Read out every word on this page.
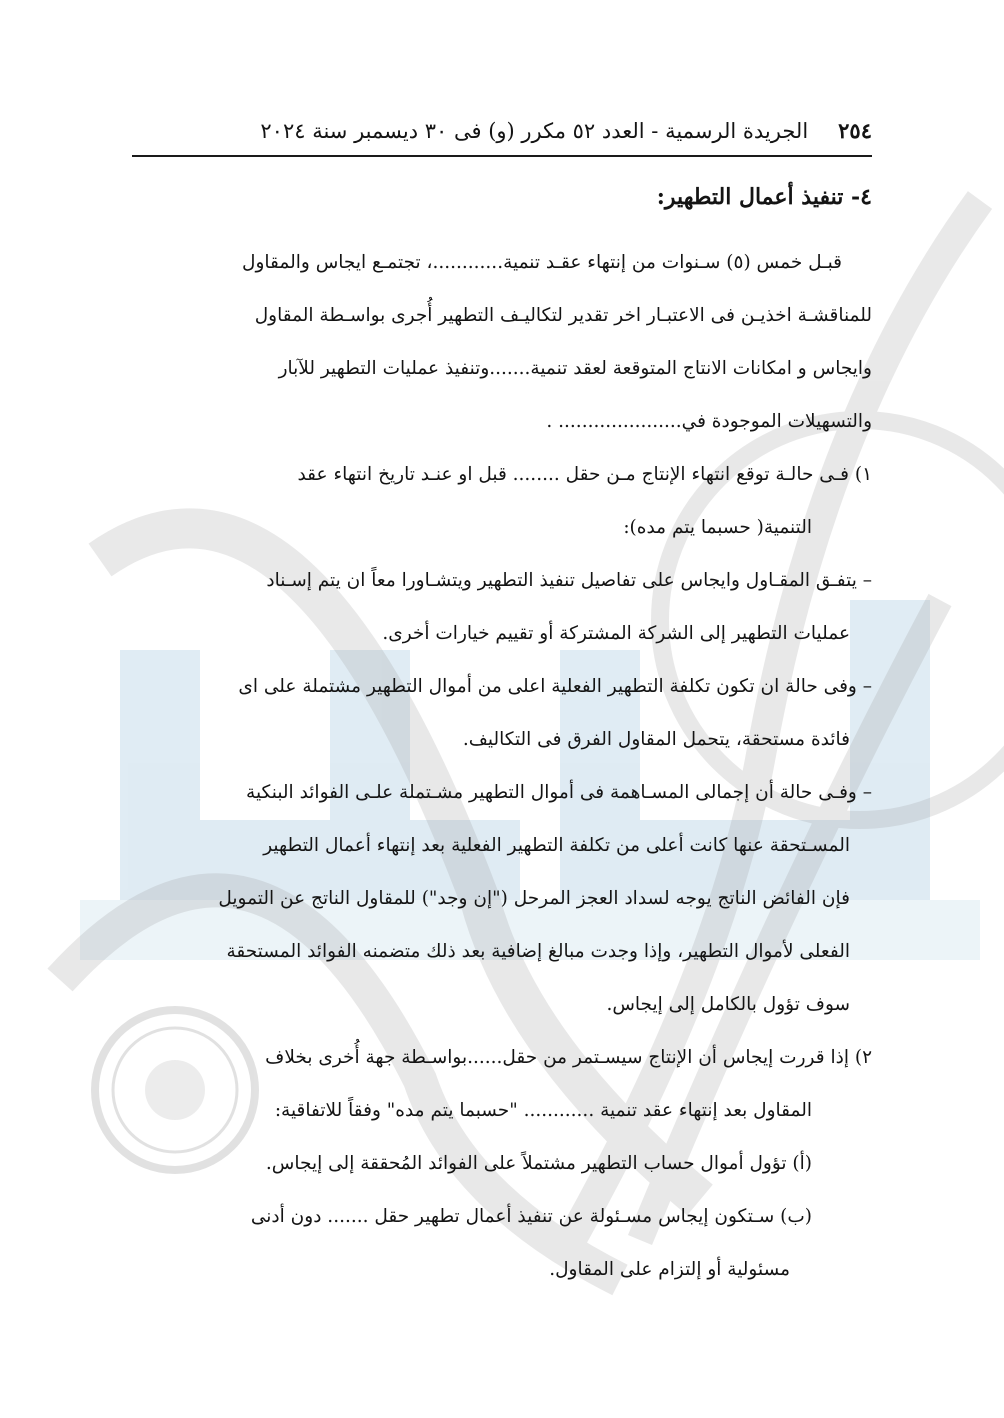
٢٥٤الجريدة الرسمية - العدد ٥٢ مكرر (و) فى ٣٠ ديسمبر سنة ٢٠٢٤
٤- تنفيذ أعمال التطهير:

قبـل خمس (٥) سـنوات من إنتهاء عقـد تنمية............، تجتمـع ايجاس والمقاول

للمناقشـة اخذيـن فى الاعتبـار اخر تقدير لتكاليـف التطهير أُجرى بواسـطة المقاول

وايجاس و امكانات الانتاج المتوقعة لعقد تنمية.......وتنفيذ عمليات التطهير للآبار

والتسهيلات الموجودة في..................... .

١) فـى حالـة توقع انتهاء الإنتاج مـن حقل ........ قبل او عنـد تاريخ انتهاء عقد

التنمية( حسبما يتم مده):

– يتفـق المقـاول وايجاس على تفاصيل تنفيذ التطهير ويتشـاورا معاً ان يتم إسـناد

عمليات التطهير إلى الشركة المشتركة أو تقييم خيارات أخرى.

– وفى حالة ان تكون تكلفة التطهير الفعلية اعلى من أموال التطهير مشتملة على اى

فائدة مستحقة، يتحمل المقاول الفرق فى التكاليف.

– وفـى حالة أن إجمالى المسـاهمة فى أموال التطهير مشـتملة علـى الفوائد البنكية

المسـتحقة عنها كانت أعلى من تكلفة التطهير الفعلية بعد إنتهاء أعمال التطهير

فإن الفائض الناتج يوجه لسداد العجز المرحل ("إن وجد") للمقاول الناتج عن التمويل

الفعلى لأموال التطهير، وإذا وجدت مبالغ إضافية بعد ذلك متضمنه الفوائد المستحقة

سوف تؤول بالكامل إلى إيجاس.

٢) إذا قررت إيجاس أن الإنتاج سيسـتمر من حقل......بواسـطة جهة أُخرى بخلاف

المقاول بعد إنتهاء عقد تنمية ............ "حسبما يتم مده" وفقاً للاتفاقية:

(أ) تؤول أموال حساب التطهير مشتملاً على الفوائد المُحققة إلى إيجاس.

(ب) سـتكون إيجاس مسـئولة عن تنفيذ أعمال تطهير حقل ....... دون أدنى

مسئولية أو إلتزام على المقاول.
